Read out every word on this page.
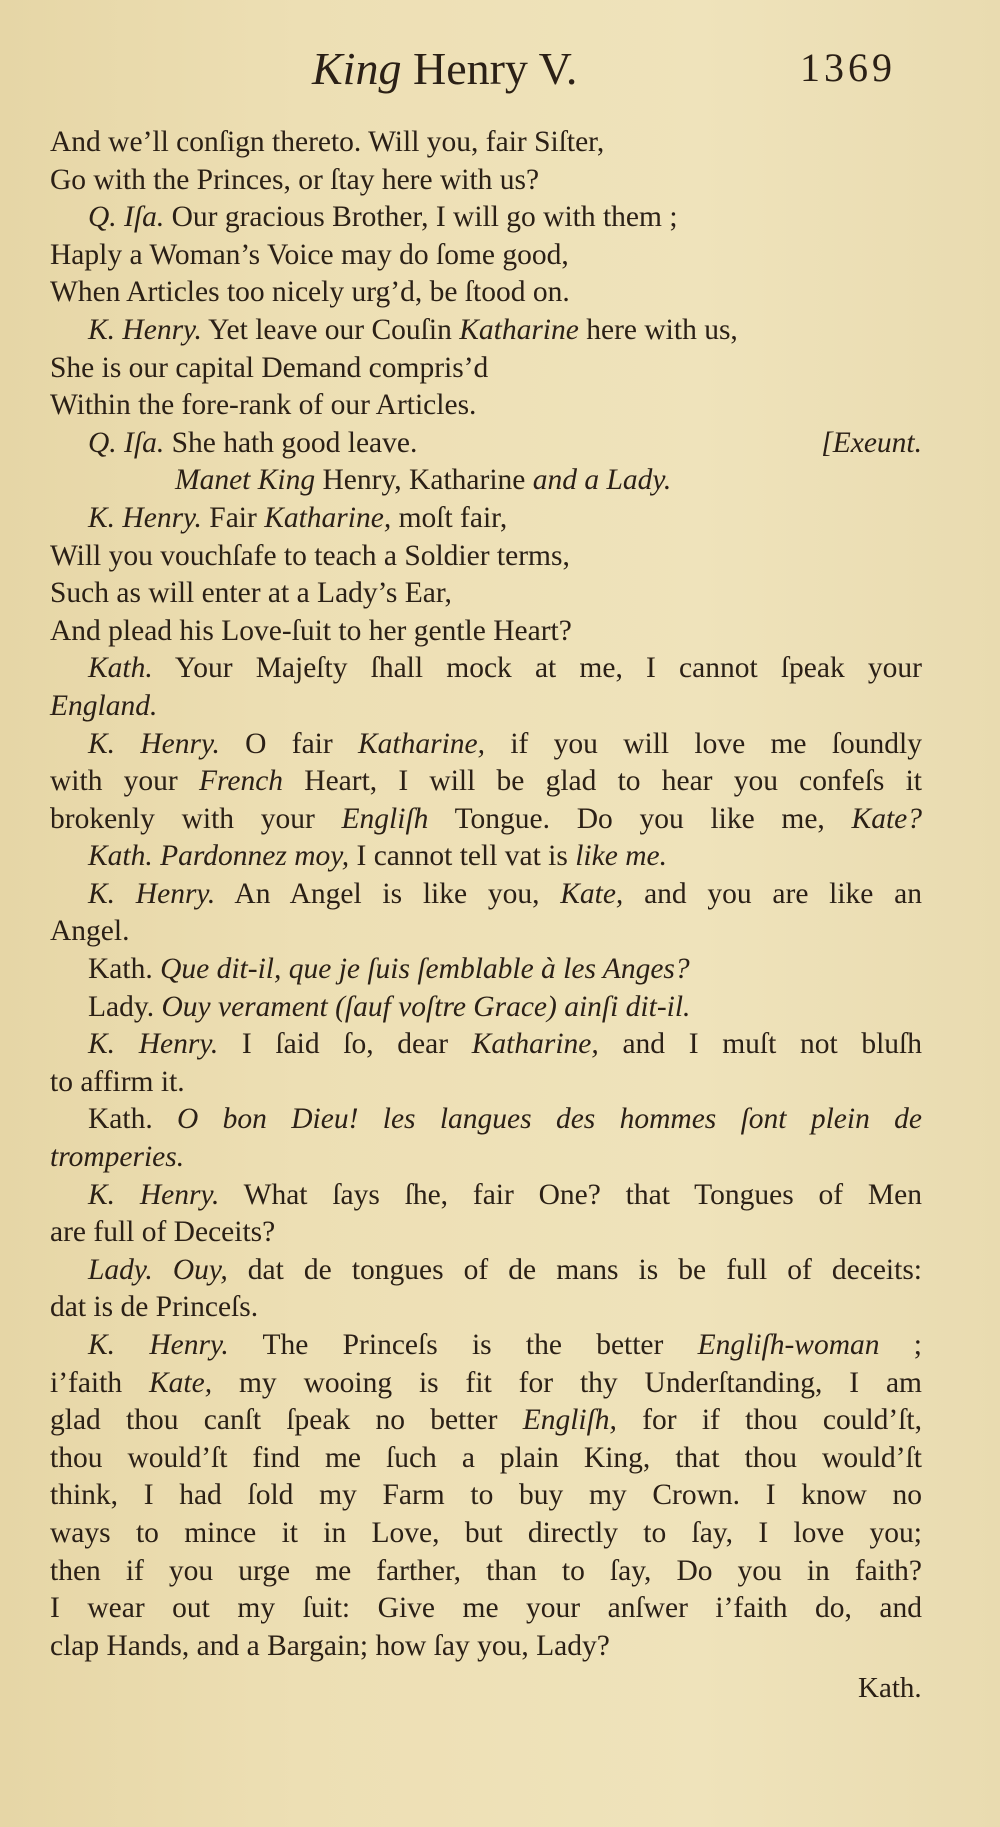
King Henry V.	1369
And we’ll conſign thereto. Will you, fair Siſter,
Go with the Princes, or ſtay here with us?
Q. Iſa. Our gracious Brother, I will go with them ;
Haply a Woman’s Voice may do ſome good,
When Articles too nicely urg’d, be ſtood on.
K. Henry. Yet leave our Couſin Katharine here with us,
She is our capital Demand compris’d
Within the fore-rank of our Articles.
Q. Iſa. She hath good leave.	[Exeunt.
Manet King Henry, Katharine and a Lady.
K. Henry. Fair Katharine, moſt fair,
Will you vouchſafe to teach a Soldier terms,
Such as will enter at a Lady’s Ear,
And plead his Love-ſuit to her gentle Heart?
Kath. Your Majeſty ſhall mock at me, I cannot ſpeak your
England.
K. Henry. O fair Katharine, if you will love me ſoundly
with your French Heart, I will be glad to hear you confeſs it
brokenly with your Engliſh Tongue. Do you like me, Kate?
Kath. Pardonnez moy, I cannot tell vat is like me.
K. Henry. An Angel is like you, Kate, and you are like an
Angel.
Kath. Que dit-il, que je ſuis ſemblable à les Anges?
Lady. Ouy verament (ſauf voſtre Grace) ainſi dit-il.
K. Henry. I ſaid ſo, dear Katharine, and I muſt not bluſh
to affirm it.
Kath. O bon Dieu! les langues des hommes ſont plein de
tromperies.
K. Henry. What ſays ſhe, fair One? that Tongues of Men
are full of Deceits?
Lady. Ouy, dat de tongues of de mans is be full of deceits:
dat is de Princeſs.
K. Henry. The Princeſs is the better Engliſh-woman ;
i’faith Kate, my wooing is fit for thy Underſtanding, I am
glad thou canſt ſpeak no better Engliſh, for if thou could’ſt,
thou would’ſt find me ſuch a plain King, that thou would’ſt
think, I had ſold my Farm to buy my Crown. I know no
ways to mince it in Love, but directly to ſay, I love you;
then if you urge me farther, than to ſay, Do you in faith?
I wear out my ſuit: Give me your anſwer i’faith do, and
clap Hands, and a Bargain; how ſay you, Lady?
Kath.
